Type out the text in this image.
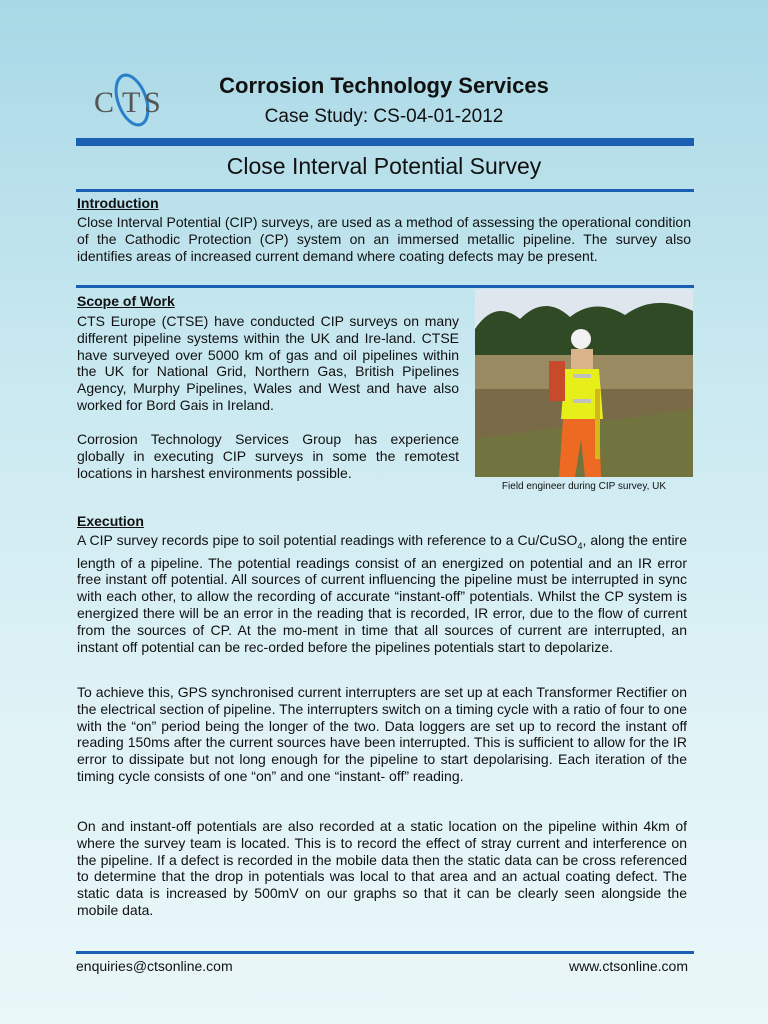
C T S
Corrosion Technology Services
Case Study: CS-04-01-2012
Close Interval Potential Survey
Introduction
Close Interval Potential (CIP) surveys, are used as a method of assessing the operational condition of the Cathodic Protection (CP) system on an immersed metallic pipeline. The survey also identifies areas of increased current demand where coating defects may be present.
Scope of Work
CTS Europe (CTSE) have conducted CIP surveys on many different pipeline systems within the UK and Ire-land. CTSE have surveyed over 5000 km of gas and oil pipelines within the UK for National Grid, Northern Gas, British Pipelines Agency, Murphy Pipelines, Wales and West and have also worked for Bord Gais in Ireland.
Corrosion Technology Services Group has experience globally in executing CIP surveys in some the remotest locations in harshest environments possible.
Field engineer during CIP survey, UK
Execution
A CIP survey records pipe to soil potential readings with reference to a Cu/CuSO$_4$, along the entire length of a pipeline. The potential readings consist of an energized on potential and an IR error free instant off potential. All sources of current influencing the pipeline must be interrupted in sync with each other, to allow the recording of accurate “instant-off” potentials. Whilst the CP system is energized there will be an error in the reading that is recorded, IR error, due to the flow of current from the sources of CP. At the mo-ment in time that all sources of current are interrupted, an instant off potential can be rec-orded before the pipelines potentials start to depolarize.
To achieve this, GPS synchronised current interrupters are set up at each Transformer Rectifier on the electrical section of pipeline. The interrupters switch on a timing cycle with a ratio of four to one with the “on” period being the longer of the two. Data loggers are set up to record the instant off reading 150ms after the current sources have been interrupted. This is sufficient to allow for the IR error to dissipate but not long enough for the pipeline to start depolarising. Each iteration of the timing cycle consists of one “on” and one “instant- off” reading.
On and instant-off potentials are also recorded at a static location on the pipeline within 4km of where the survey team is located. This is to record the effect of stray current and interference on the pipeline. If a defect is recorded in the mobile data then the static data can be cross referenced to determine that the drop in potentials was local to that area and an actual coating defect. The static data is increased by 500mV on our graphs so that it can be clearly seen alongside the mobile data.
enquiries@ctsonline.com	www.ctsonline.com
